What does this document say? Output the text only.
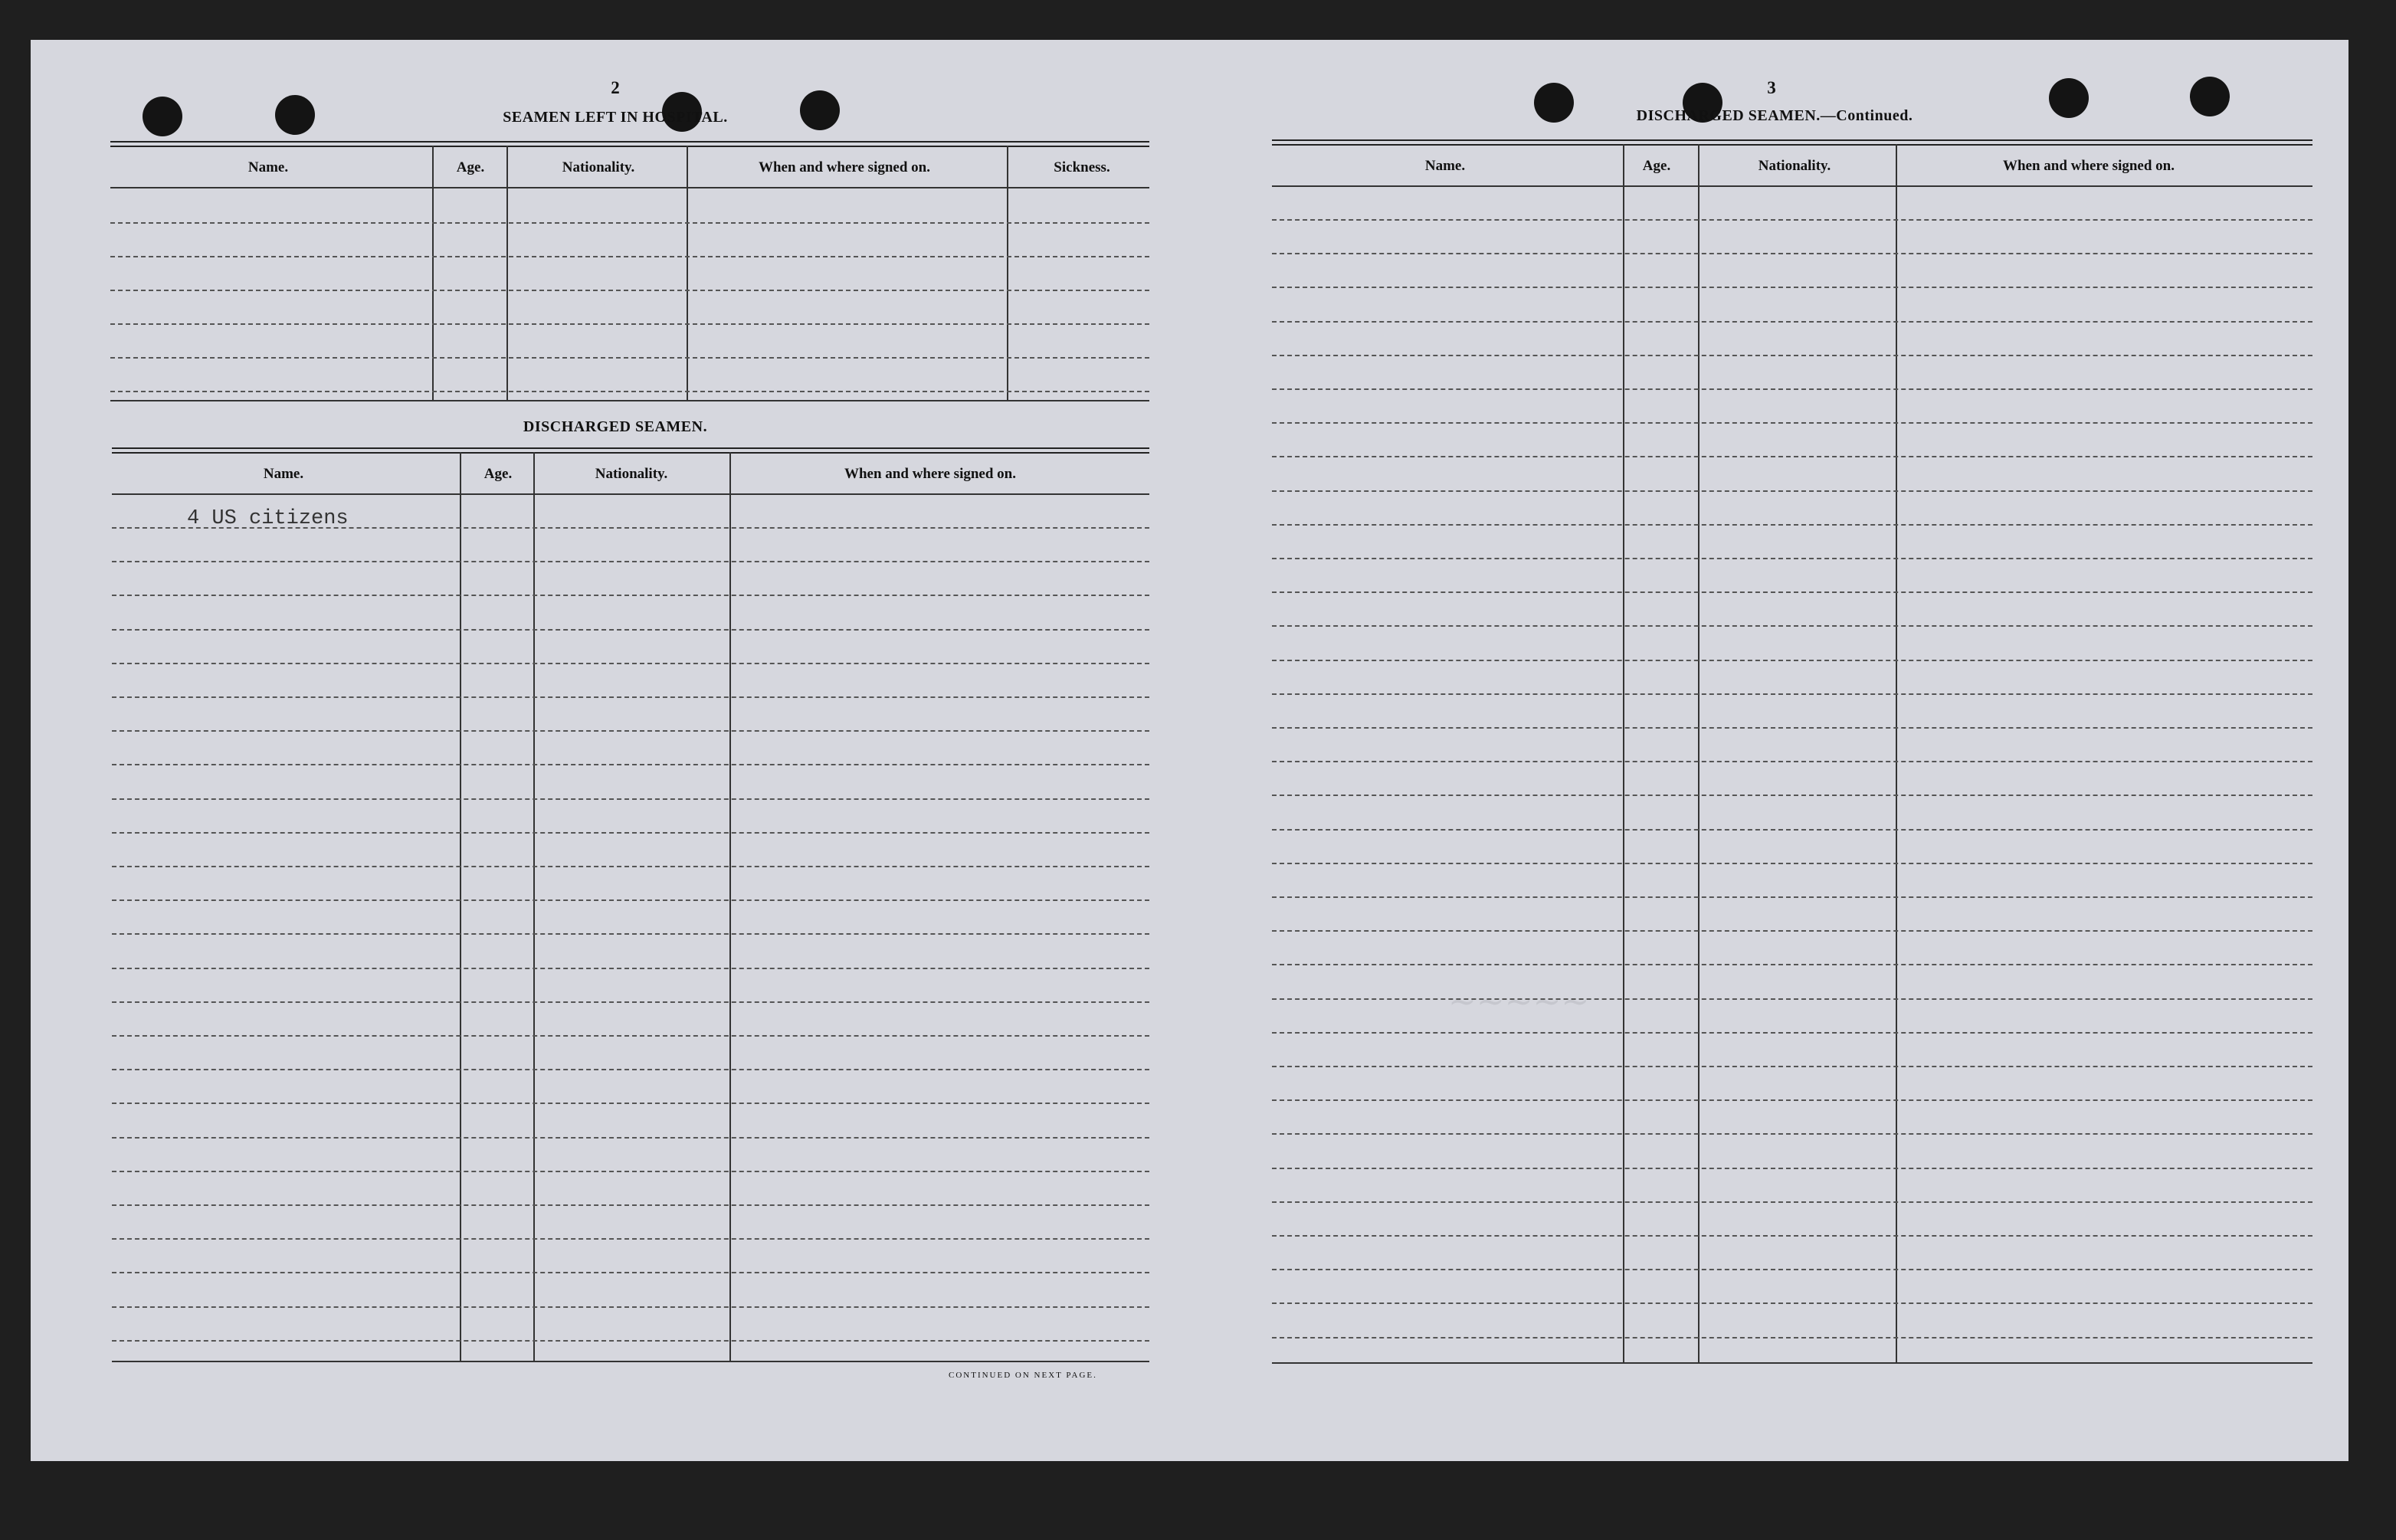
~~~~~
2
SEAMEN LEFT IN HOSPITAL.
Name.	Age.	Nationality.	When and where signed on.	Sickness.
DISCHARGED SEAMEN.
Name.	Age.	Nationality.	When and where signed on.
4 US citizens
CONTINUED ON NEXT PAGE.
3
DISCHARGED SEAMEN.—Continued.
Name.	Age.	Nationality.	When and where signed on.
